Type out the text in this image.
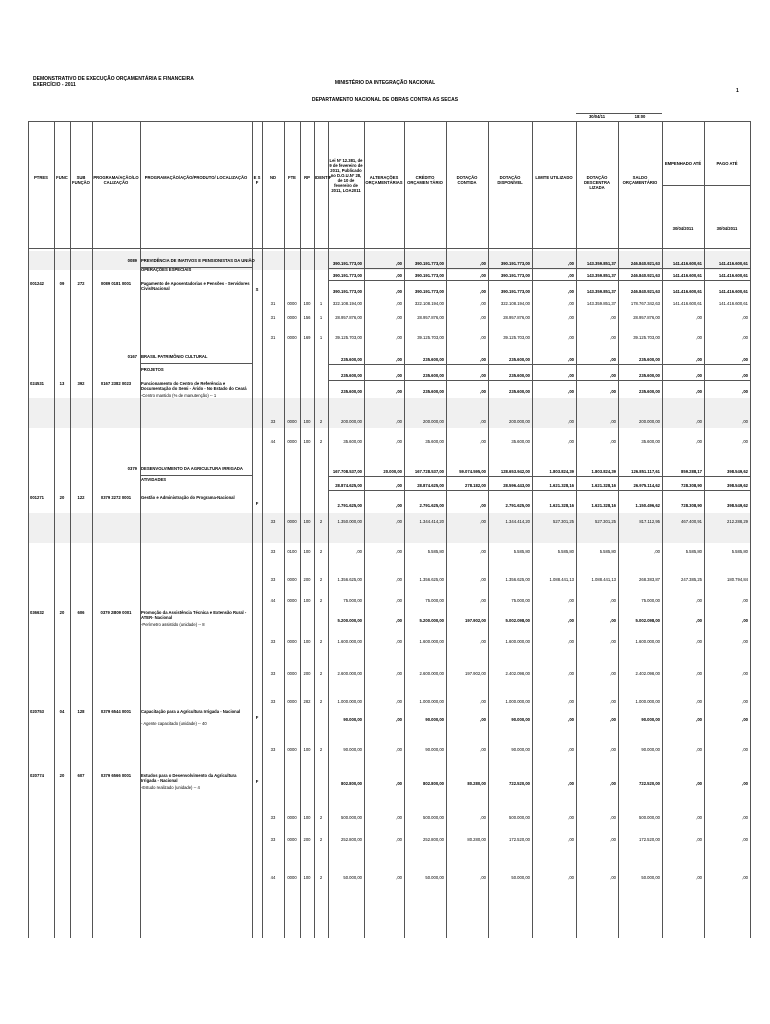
DEMONSTRATIVO DE EXECUÇÃO ORÇAMENTÁRIA E FINANCEIRA
EXERCÍCIO - 2011	MINISTÉRIO DA INTEGRAÇÃO NACIONAL
DEPARTAMENTO NACIONAL DE OBRAS CONTRA AS SECAS
1
30/04/11	18:00
PTRES	FUNC	SUB FUNÇÃO
PROGRAMA/AÇÃO/LO CALIZAÇÃO
PROGRAMAÇÃO/AÇÃO/PRODUTO/ LOCALIZAÇÃO	E S F
ND	FTE	RP	IDENTIF
Lei Nº 12.381, de 9 de fevereiro de 2011, Publicado no D.O.U.Nº 28, de 10 de fevereiro de 2011, LOA2011
ALTERAÇÕES ORÇAMENTÁRIAS
CRÉDITO ORÇAMEN TÁRIO
DOTAÇÃO CONTIDA
DOTAÇÃO DISPONÍVEL
LIMITE UTILIZADO	DOTAÇÃO DESCENTRA LIZADA
SALDO ORÇAMENTÁRIO
EMPENHADO ATÉ	PAGO ATÉ
30/04/2011	30/04/2011
0089 PREVIDÊNCIA DE INATIVOS E PENSIONISTAS DA UNIÃO
390.191.773,00	,00	390.191.773,00	,00	390.191.773,00	,00	143.359.851,37	246.840.921,63	141.416.600,61	141.416.600,61
OPERAÇÕES ESPECIAIS
390.191.773,00	,00	390.191.773,00	,00	390.191.773,00	,00	143.359.851,37	246.840.921,63	141.416.600,61	141.416.600,61
001242	09	272	0089 0181 0001	Pagamento de Aposentadorias e Pensões - Servidores Civis/Nacional	S	390.191.773,00	,00	390.191.773,00	,00	390.191.773,00	,00	143.359.851,37	246.840.921,63	141.416.600,61	141.416.600,61
31	0000	100	1	322.108.194,00	,00	322.108.194,00	,00	322.108.194,00	,00	143.359.851,37	178.767.342,63	141.416.600,61	141.416.600,61
31	0000	156	1	28.957.876,00	,00	28.957.876,00	,00	28.957.876,00	,00	,00	28.957.876,00	,00	,00
31	0000	169	1	39.125.703,00	,00	39.125.703,00	,00	39.125.703,00	,00	,00	39.125.703,00	,00	,00
0167 BRASIL PATRIMÔNIO CULTURAL
235.600,00	,00	235.600,00	,00	235.600,00	,00	,00	235.600,00	,00	,00
PROJETOS
235.600,00	,00	235.600,00	,00	235.600,00	,00	,00	235.600,00	,00	,00
024531	13	392	0167 2382 0023	Funcionamento do Centro de Referência e Documentação do Semi - Árido - No Estado do Ceará
-Centro mantido (% de manutenção) -- 1
235.600,00	,00	235.600,00	,00	235.600,00	,00	,00	235.600,00	,00	,00
33	0000	100	2	200.000,00	,00	200.000,00	,00	200.000,00	,00	,00	200.000,00	,00	,00
44	0000	100	2	35.600,00	,00	35.600,00	,00	35.600,00	,00	,00	35.600,00	,00	,00
0379 DESENVOLVIMENTO DA AGRICULTURA IRRIGADA
167.708.537,00	20.000,00	167.728.537,00	59.074.595,00	128.653.942,00	1.803.824,39	1.803.824,39	126.851.117,61	859.288,17	398.549,62
ATIVIDADES
28.874.625,00	,00	28.874.625,00	278.182,00	28.596.443,00	1.621.328,16	1.621.328,16	26.975.114,62	728.308,90	398.549,62
001271	20	122	0379 2272 0001	Gestão e Administração do Programa-Nacional
F	2.791.625,00	,00	2.791.625,00	,00	2.791.625,00	1.621.328,16	1.621.328,16	1.150.496,62	728.308,90	398.549,62
33	0000	100	2	1.350.000,00	,00	1.344.414,20	,00	1.344.414,20	527.301,25	527.301,25	817.112,95	467.400,91	212.288,29
33	0100	100	2	,00	,00	5.585,80	,00	5.585,80	5.585,80	5.585,80	,00	5.585,80	5.585,80
33	0000	200	2	1.356.625,00	,00	1.356.625,00	,00	1.356.625,00	1.088.441,13	1.088.441,13	268.383,87	247.385,25	180.794,84
44	0000	100	2	75.000,00	,00	75.000,00	,00	75.000,00	,00	,00	75.000,00	,00	,00
036632	20	606	0379 2B09 0001	Promoção da Assistência Técnica e Extensão Rural - ATER- Nacional
-Perímetro assistido (unidade) -- 8
5.200.000,00	,00	5.200.000,00	197.902,00	5.002.098,00	,00	,00	5.002.098,00	,00	,00
33	0000	100	2	1.600.000,00	,00	1.600.000,00	,00	1.600.000,00	,00	,00	1.600.000,00	,00	,00
33	0000	200	2	2.600.000,00	,00	2.600.000,00	197.902,00	2.402.098,00	,00	,00	2.402.098,00	,00	,00
33	0000	282	2	1.000.000,00	,00	1.000.000,00	,00	1.000.000,00	,00	,00	1.000.000,00	,00	,00
020753	04	128	0379 6544 0001	Capacitação para a Agricultura Irrigada - Nacional
- Agente capacitado (unidade) -- 40
F	90.000,00	,00	90.000,00	,00	90.000,00	,00	,00	90.000,00	,00	,00
33	0000	100	2	90.000,00	,00	90.000,00	,00	90.000,00	,00	,00	90.000,00	,00	,00
020774	20	607	0379 6566 0001	Estudos para o Desenvolvimento da Agricultura Irrigada - Nacional
-Estudo realizado (unidade) -- 4
F	802.800,00	,00	802.800,00	80.280,00	722.520,00	,00	,00	722.520,00	,00	,00
33	0000	100	2	500.000,00	,00	500.000,00	,00	500.000,00	,00	,00	500.000,00	,00	,00
33	0000	200	2	252.800,00	,00	252.800,00	80.280,00	172.520,00	,00	,00	172.520,00	,00	,00
44	0000	100	2	50.000,00	,00	50.000,00	,00	50.000,00	,00	,00	50.000,00	,00	,00
